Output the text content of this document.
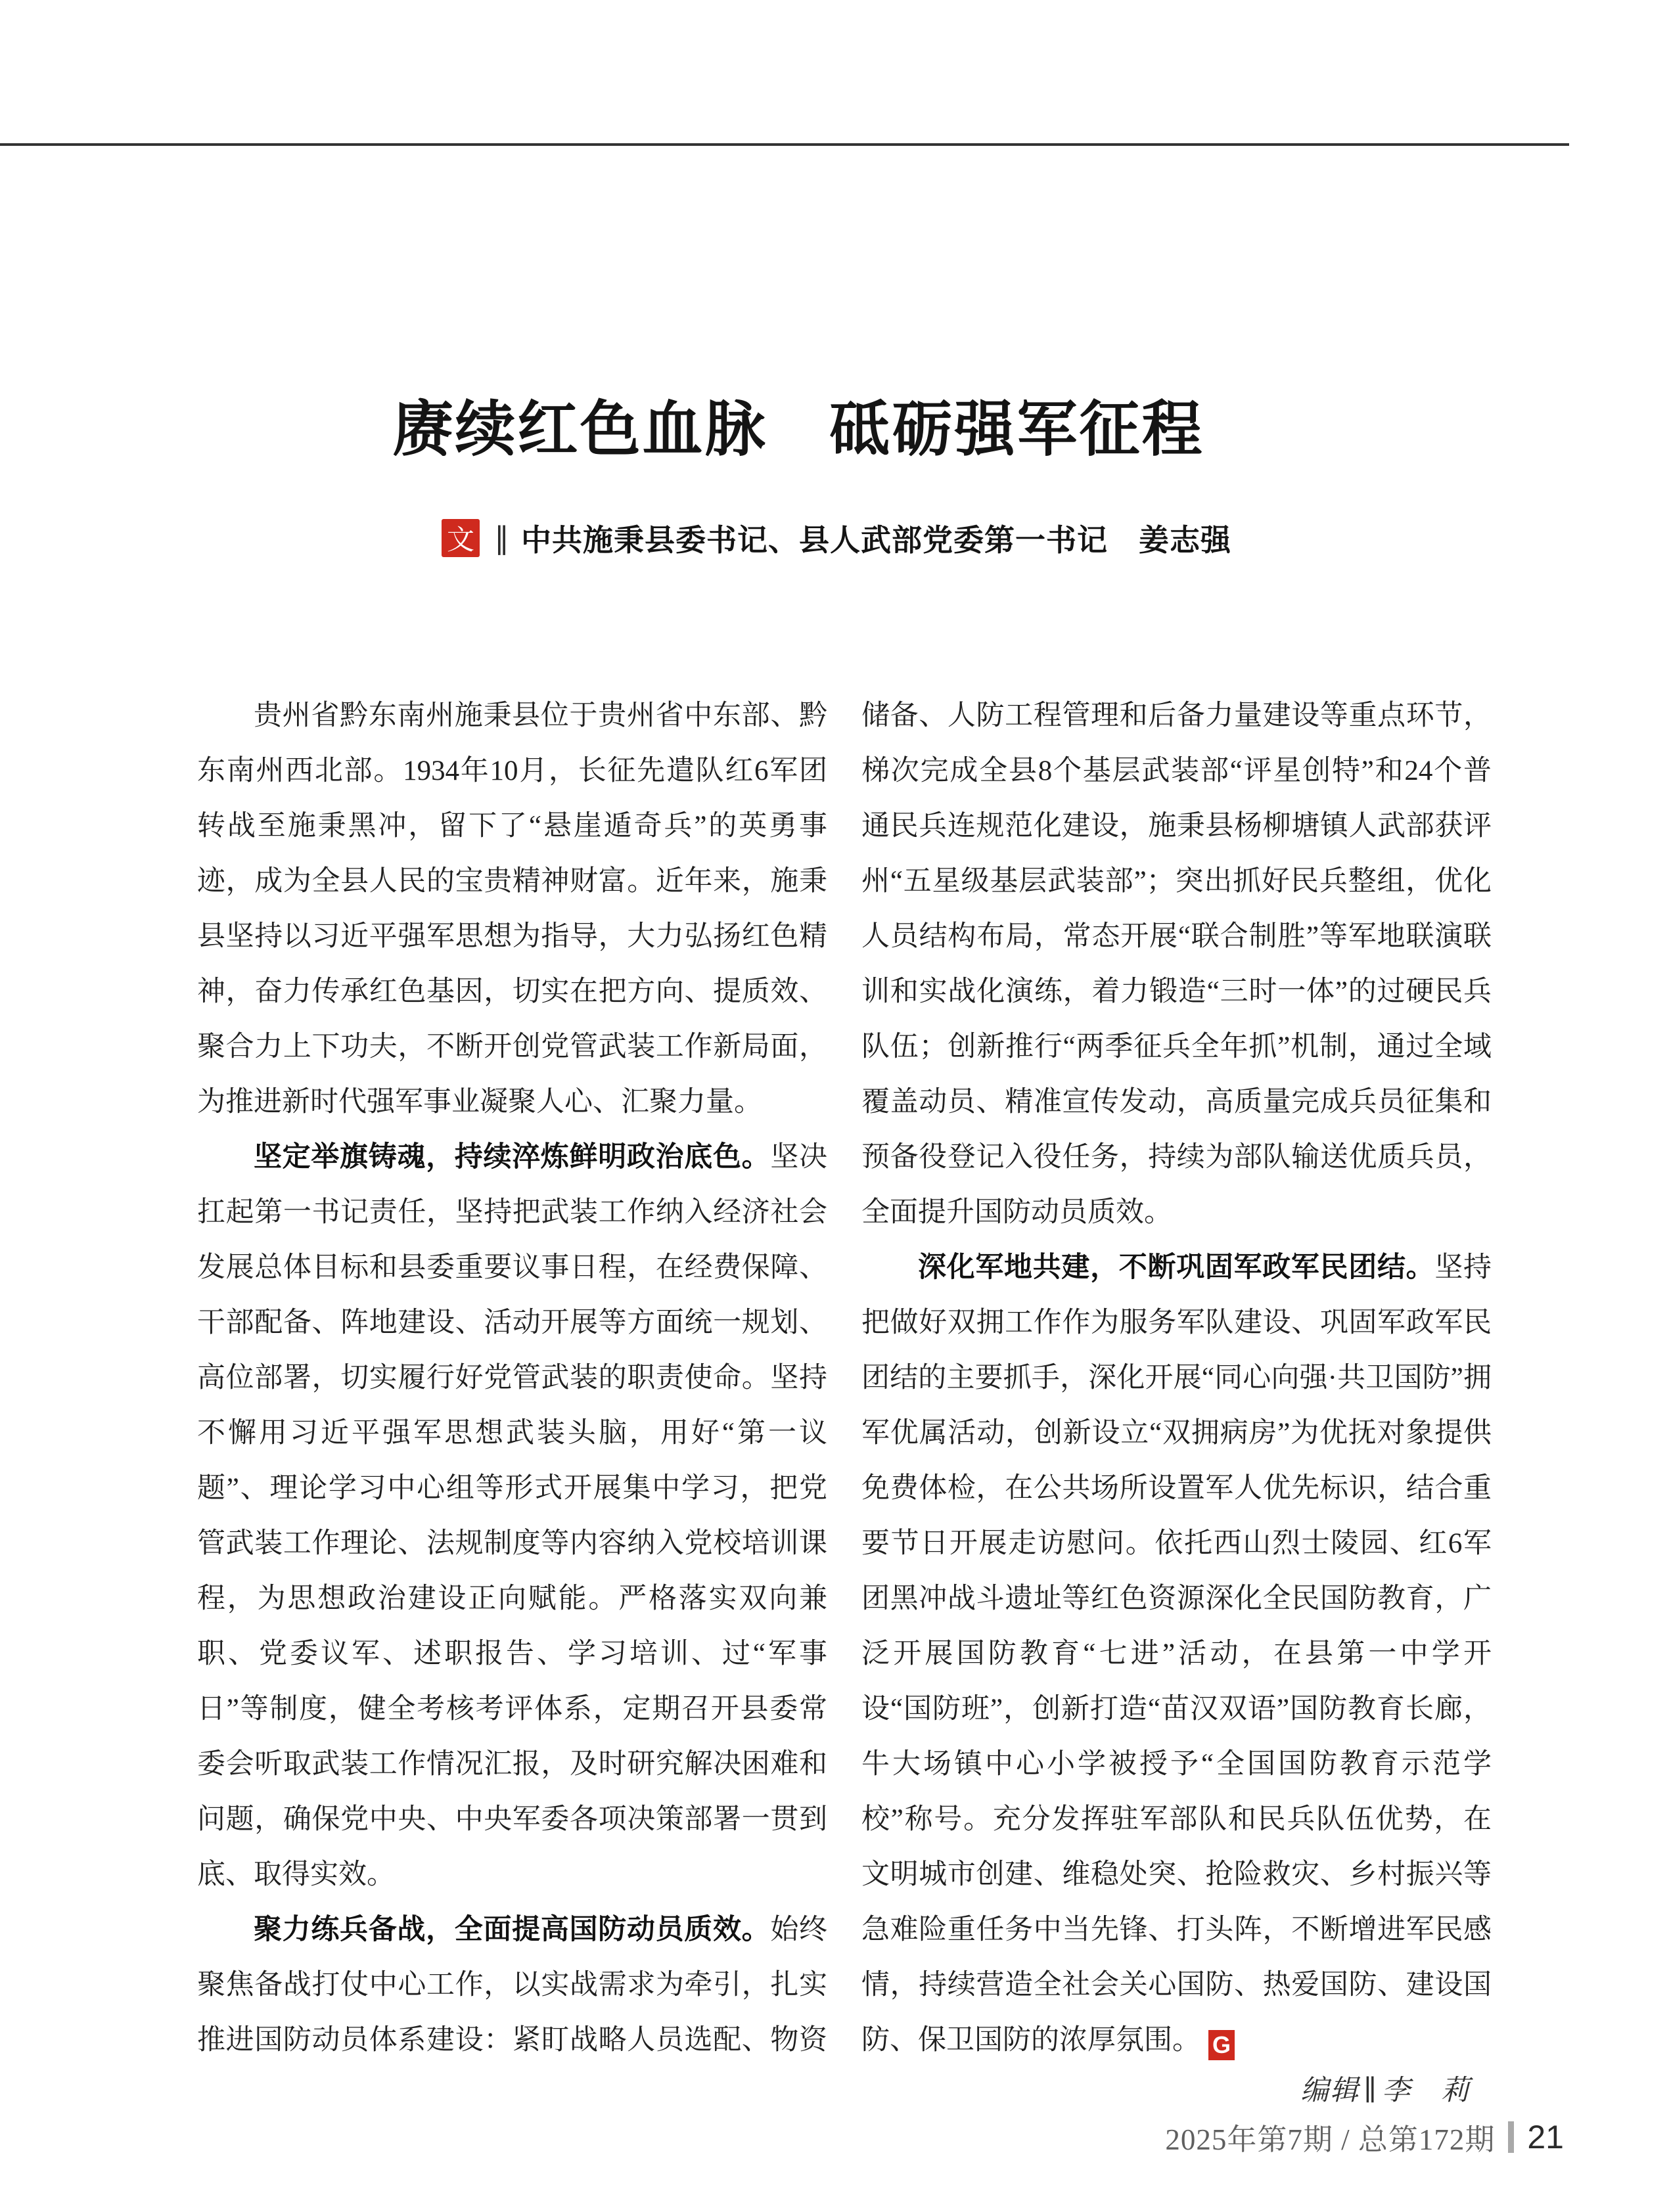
赓续红色血脉　砥砺强军征程
文 ∥ 中共施秉县委书记、县人武部党委第一书记　姜志强

贵州省黔东南州施秉县位于贵州省中东部、黔东南州西北部。1934年10月，长征先遣队红6军团转战至施秉黑冲，留下了“悬崖遁奇兵”的英勇事迹，成为全县人民的宝贵精神财富。近年来，施秉县坚持以习近平强军思想为指导，大力弘扬红色精神，奋力传承红色基因，切实在把方向、提质效、聚合力上下功夫，不断开创党管武装工作新局面，为推进新时代强军事业凝聚人心、汇聚力量。

坚定举旗铸魂，持续淬炼鲜明政治底色。坚决扛起第一书记责任，坚持把武装工作纳入经济社会发展总体目标和县委重要议事日程，在经费保障、干部配备、阵地建设、活动开展等方面统一规划、高位部署，切实履行好党管武装的职责使命。坚持不懈用习近平强军思想武装头脑，用好“第一议题”、理论学习中心组等形式开展集中学习，把党管武装工作理论、法规制度等内容纳入党校培训课程，为思想政治建设正向赋能。严格落实双向兼职、党委议军、述职报告、学习培训、过“军事日”等制度，健全考核考评体系，定期召开县委常委会听取武装工作情况汇报，及时研究解决困难和问题，确保党中央、中央军委各项决策部署一贯到底、取得实效。

聚力练兵备战，全面提高国防动员质效。始终聚焦备战打仗中心工作，以实战需求为牵引，扎实推进国防动员体系建设：紧盯战略人员选配、物资储备、人防工程管理和后备力量建设等重点环节，梯次完成全县8个基层武装部“评星创特”和24个普通民兵连规范化建设，施秉县杨柳塘镇人武部获评州“五星级基层武装部”；突出抓好民兵整组，优化人员结构布局，常态开展“联合制胜”等军地联演联训和实战化演练，着力锻造“三时一体”的过硬民兵队伍；创新推行“两季征兵全年抓”机制，通过全域覆盖动员、精准宣传发动，高质量完成兵员征集和预备役登记入役任务，持续为部队输送优质兵员，全面提升国防动员质效。

深化军地共建，不断巩固军政军民团结。坚持把做好双拥工作作为服务军队建设、巩固军政军民团结的主要抓手，深化开展“同心向强·共卫国防”拥军优属活动，创新设立“双拥病房”为优抚对象提供免费体检，在公共场所设置军人优先标识，结合重要节日开展走访慰问。依托西山烈士陵园、红6军团黑冲战斗遗址等红色资源深化全民国防教育，广泛开展国防教育“七进”活动，在县第一中学开设“国防班”，创新打造“苗汉双语”国防教育长廊，牛大场镇中心小学被授予“全国国防教育示范学校”称号。充分发挥驻军部队和民兵队伍优势，在文明城市创建、维稳处突、抢险救灾、乡村振兴等急难险重任务中当先锋、打头阵，不断增进军民感情，持续营造全社会关心国防、热爱国防、建设国防、保卫国防的浓厚氛围。 G

编辑 ∥ 李　莉
2025年第7期 / 总第172期 21
